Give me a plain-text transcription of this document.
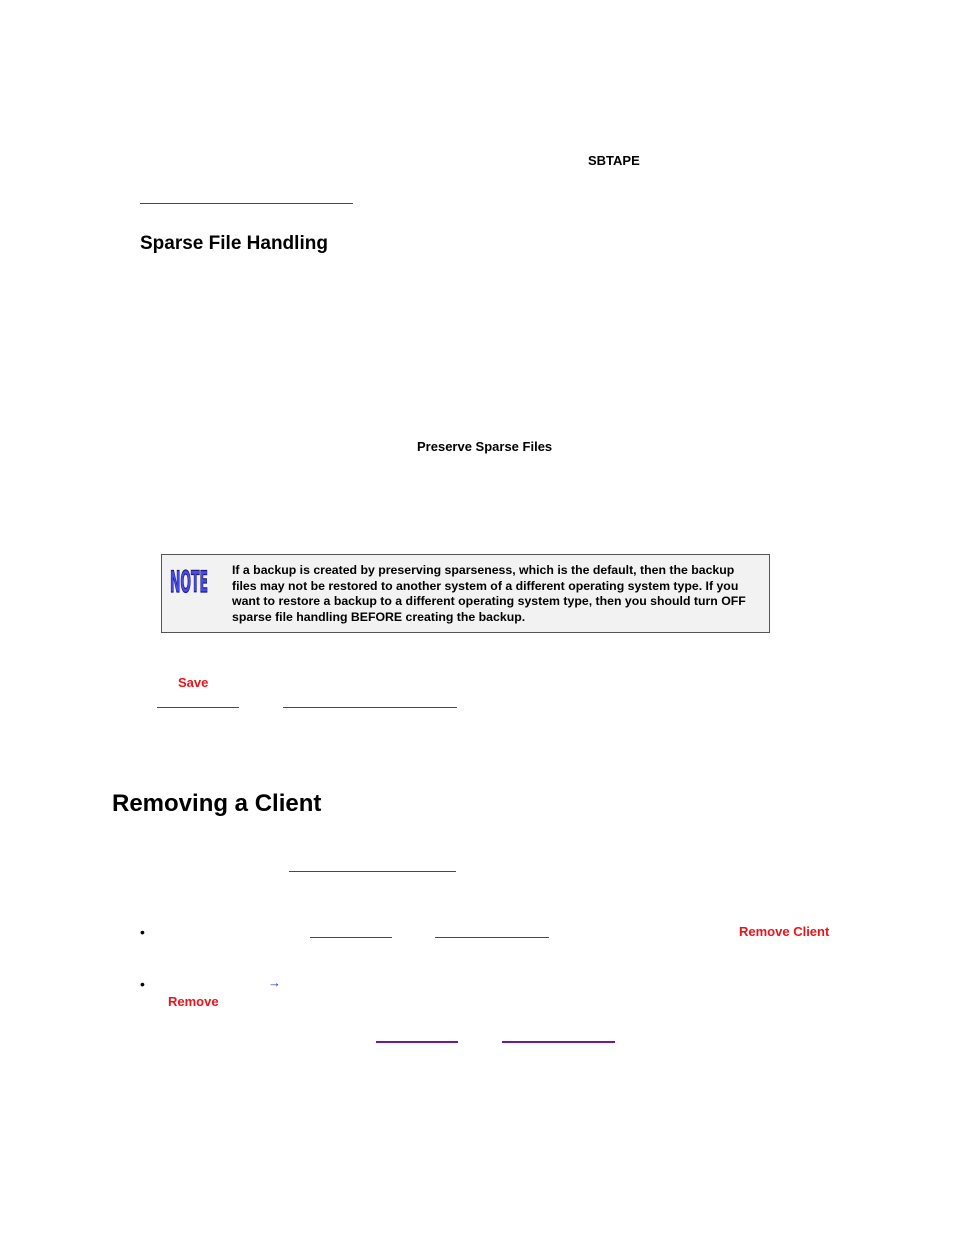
SBTAPE
Sparse File Handling
Preserve Sparse Files
NOTE If a backup is created by preserving sparseness, which is the default, then the backup files may not be restored to another system of a different operating system type. If you want to restore a backup to a different operating system type, then you should turn OFF sparse file handling BEFORE creating the backup.
Save
Removing a Client
•	Remove Client
•	→
Remove
